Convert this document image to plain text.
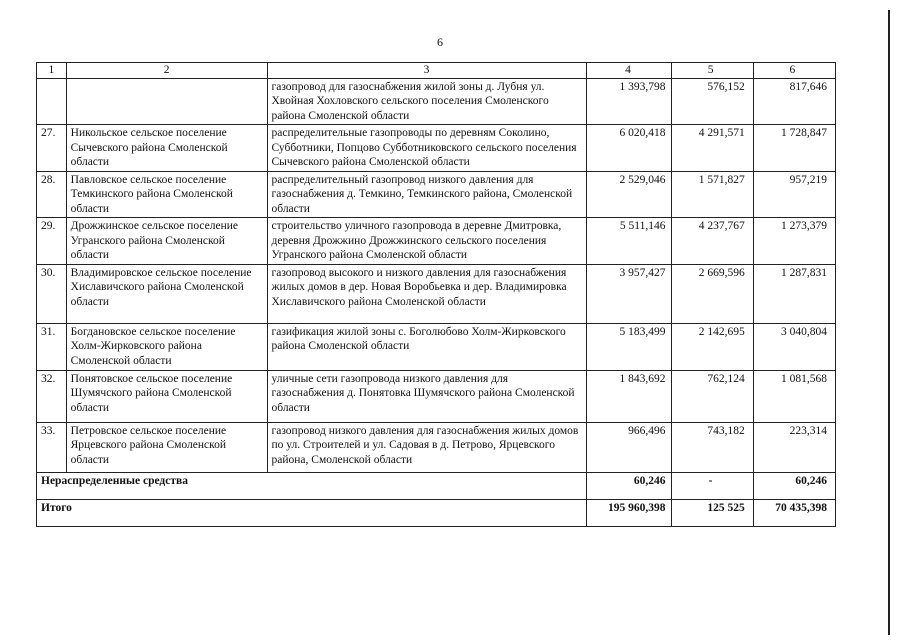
6
1	2	3	4	5	6
		газопровод для газоснабжения жилой зоны д. Лубня ул. Хвойная Хохловского сельского поселения Смоленского района Смоленской области	1 393,798	576,152	817,646
27.	Никольское сельское поселение Сычевского района Смоленской области	распределительные газопроводы по деревням Соколино, Субботники, Попцово Субботниковского сельского поселения Сычевского района Смоленской области	6 020,418	4 291,571	1 728,847
28.	Павловское сельское поселение Темкинского района Смоленской области	распределительный газопровод низкого давления для газоснабжения д. Темкино, Темкинского района, Смоленской области	2 529,046	1 571,827	957,219
29.	Дрожжинское сельское поселение Угранского района Смоленской области	строительство уличного газопровода в деревне Дмитровка, деревня Дрожжино Дрожжинского сельского поселения Угранского района Смоленской области	5 511,146	4 237,767	1 273,379
30.	Владимировское сельское поселение Хиславичского района Смоленской области	газопровод высокого и низкого давления для газоснабжения жилых домов в дер. Новая Воробьевка и дер. Владимировка Хиславичского района Смоленской области	3 957,427	2 669,596	1 287,831
31.	Богдановское сельское поселение Холм-Жирковского района Смоленской области	газификация жилой зоны с. Боголюбово Холм-Жирковского района Смоленской области	5 183,499	2 142,695	3 040,804
32.	Понятовское сельское поселение Шумячского района Смоленской области	уличные сети газопровода низкого давления для газоснабжения д. Понятовка Шумячского района Смоленской области	1 843,692	762,124	1 081,568
33.	Петровское сельское поселение Ярцевского района Смоленской области	газопровод низкого давления для газоснабжения жилых домов по ул. Строителей и ул. Садовая в д. Петрово, Ярцевского района, Смоленской области	966,496	743,182	223,314
Нераспределенные средства			60,246	-	60,246
Итого			195 960,398	125 525	70 435,398
